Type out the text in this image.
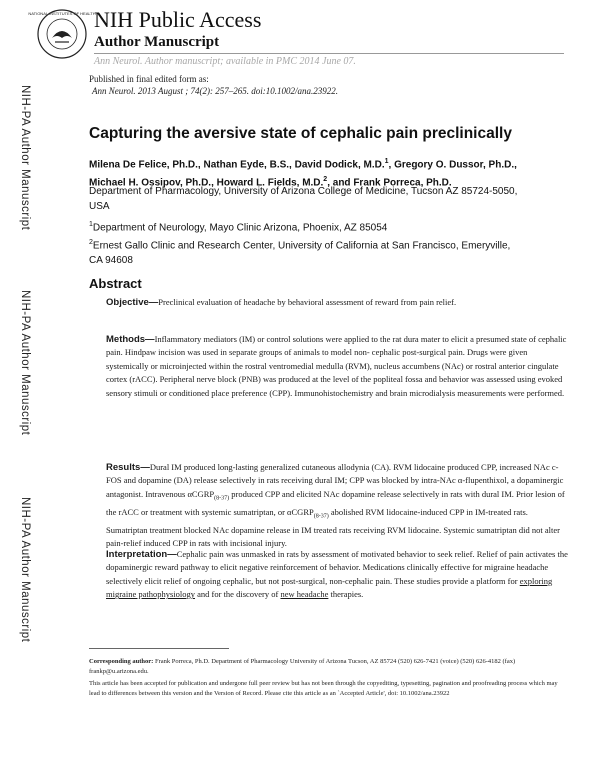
NATIONAL INSTITUTES OF HEALTH
NIH Public Access
Author Manuscript
Ann Neurol. Author manuscript; available in PMC 2014 June 07.
Published in final edited form as:
Ann Neurol. 2013 August ; 74(2): 257–265. doi:10.1002/ana.23922.
NIH-PA Author Manuscript
NIH-PA Author Manuscript
NIH-PA Author Manuscript
Capturing the aversive state of cephalic pain preclinically
Milena De Felice, Ph.D., Nathan Eyde, B.S., David Dodick, M.D.$^1$, Gregory O. Dussor, Ph.D.,
Michael H. Ossipov, Ph.D., Howard L. Fields, M.D.$^2$, and Frank Porreca, Ph.D.
Department of Pharmacology, University of Arizona College of Medicine, Tucson AZ 85724-5050,
USA
$^1$Department of Neurology, Mayo Clinic Arizona, Phoenix, AZ 85054
$^2$Ernest Gallo Clinic and Research Center, University of California at San Francisco, Emeryville,
CA 94608
Abstract
Objective—Preclinical evaluation of headache by behavioral assessment of reward from pain relief.
Methods—Inflammatory mediators (IM) or control solutions were applied to the rat dura mater to elicit a presumed state of cephalic pain. Hindpaw incision was used in separate groups of animals to model non- cephalic post-surgical pain. Drugs were given systemically or microinjected within the rostral ventromedial medulla (RVM), nucleus accumbens (NAc) or rostral anterior cingulate cortex (rACC). Peripheral nerve block (PNB) was produced at the level of the popliteal fossa and behavior was assessed using evoked sensory stimuli or conditioned place preference (CPP). Immunohistochemistry and brain microdialysis measurements were performed.
Results—Dural IM produced long-lasting generalized cutaneous allodynia (CA). RVM lidocaine produced CPP, increased NAc c-FOS and dopamine (DA) release selectively in rats receiving dural IM; CPP was blocked by intra-NAc α-flupenthixol, a dopaminergic antagonist. Intravenous αCGRP$_{(8-37)}$ produced CPP and elicited NAc dopamine release selectively in rats with dural IM. Prior lesion of the rACC or treatment with systemic sumatriptan, or αCGRP$_{(8-37)}$ abolished RVM lidocaine-induced CPP in IM-treated rats. Sumatriptan treatment blocked NAc dopamine release in IM treated rats receiving RVM lidocaine. Systemic sumatriptan did not alter pain-relief induced CPP in rats with incisional injury.
Interpretation—Cephalic pain was unmasked in rats by assessment of motivated behavior to seek relief. Relief of pain activates the dopaminergic reward pathway to elicit negative reinforcement of behavior. Medications clinically effective for migraine headache selectively elicit relief of ongoing cephalic, but not post-surgical, non-cephalic pain. These studies provide a platform for exploring migraine pathophysiology and for the discovery of new headache therapies.
Corresponding author: Frank Porreca, Ph.D. Department of Pharmacology University of Arizona Tucson, AZ 85724 (520) 626-7421 (voice) (520) 626-4182 (fax) frankp@u.arizona.edu.
This article has been accepted for publication and undergone full peer review but has not been through the copyediting, typesetting, pagination and proofreading process which may lead to differences between this version and the Version of Record. Please cite this article as an `Accepted Article', doi: 10.1002/ana.23922
